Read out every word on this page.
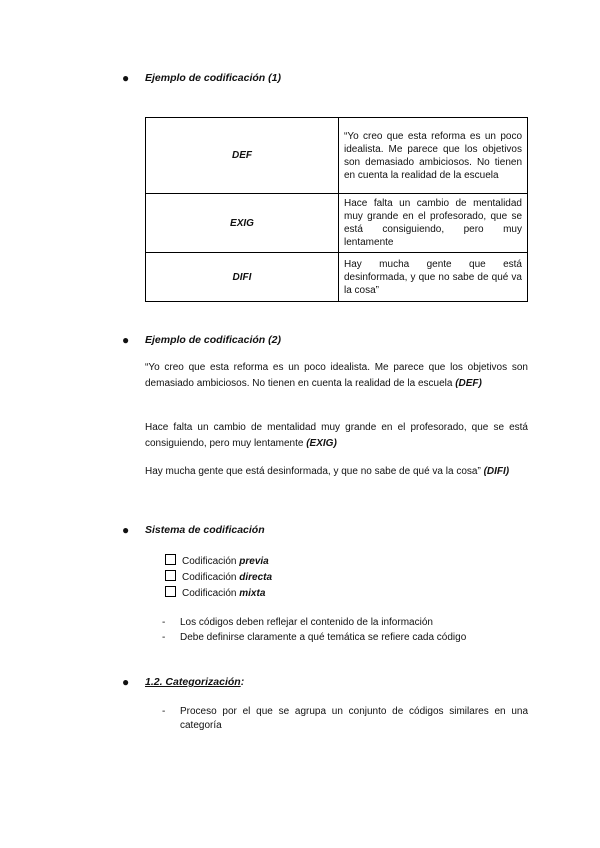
● Ejemplo de codificación (1)
DEF	“Yo creo que esta reforma es un poco idealista. Me parece que los objetivos son demasiado ambiciosos. No tienen en cuenta la realidad de la escuela
EXIG	Hace falta un cambio de mentalidad muy grande en el profesorado, que se está consiguiendo, pero muy lentamente
DIFI	Hay mucha gente que está desinformada, y que no sabe de qué va la cosa”
● Ejemplo de codificación (2)
“Yo creo que esta reforma es un poco idealista. Me parece que los objetivos son demasiado ambiciosos. No tienen en cuenta la realidad de la escuela (DEF)
Hace falta un cambio de mentalidad muy grande en el profesorado, que se está consiguiendo, pero muy lentamente (EXIG)
Hay mucha gente que está desinformada, y que no sabe de qué va la cosa” (DIFI)
● Sistema de codificación
Codificación previa
Codificación directa
Codificación mixta
- Los códigos deben reflejar el contenido de la información
- Debe definirse claramente a qué temática se refiere cada código
● 1.2. Categorización:
- Proceso por el que se agrupa un conjunto de códigos similares en una categoría
